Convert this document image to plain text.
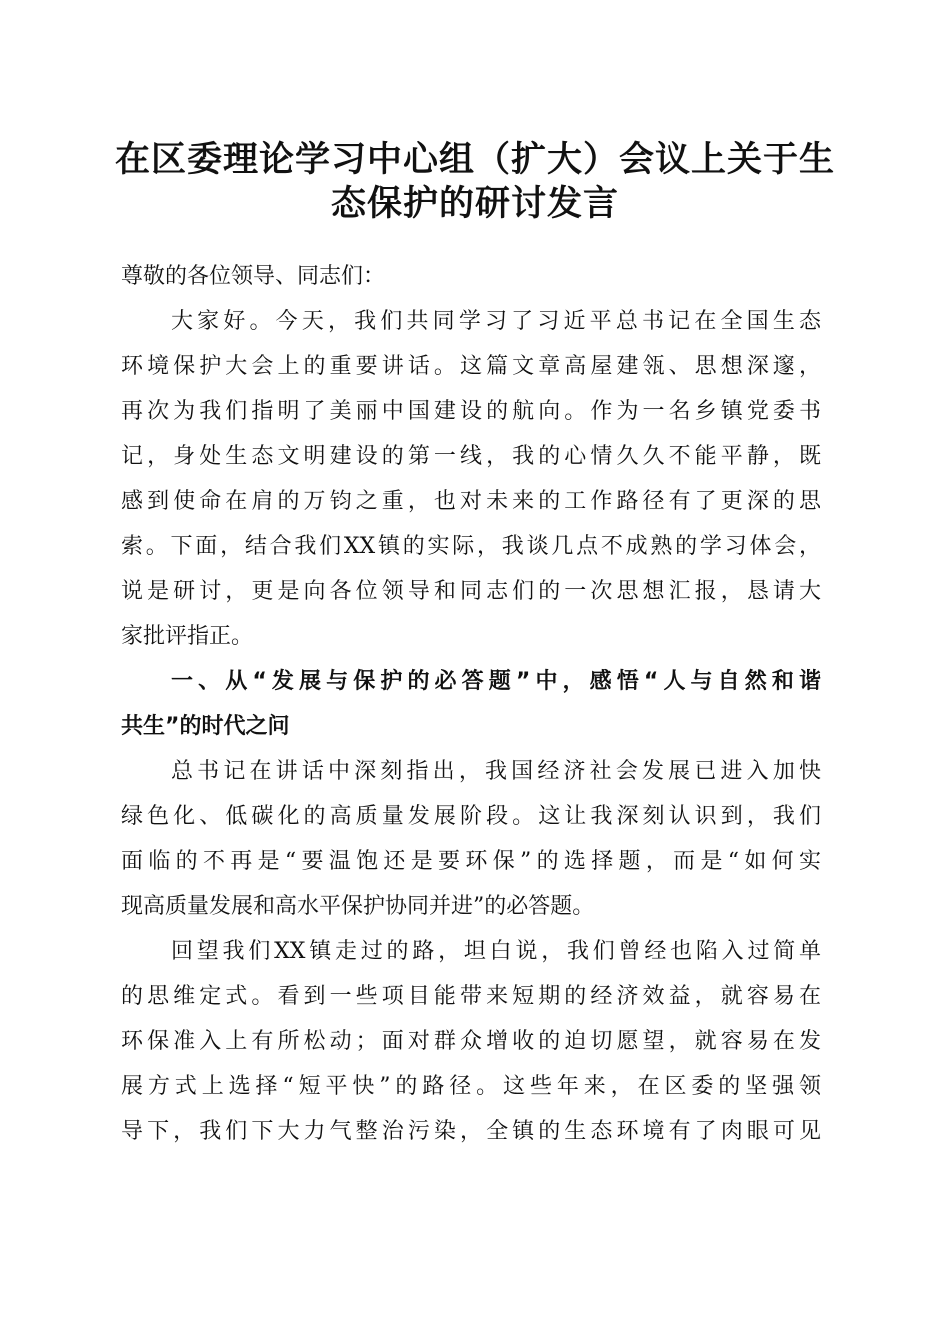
在区委理论学习中心组（扩大）会议上关于生
态保护的研讨发言
尊敬的各位领导、同志们：
大家好。今天，我们共同学习了习近平总书记在全国生态
环境保护大会上的重要讲话。这篇文章高屋建瓴、思想深邃，
再次为我们指明了美丽中国建设的航向。作为一名乡镇党委书
记，身处生态文明建设的第一线，我的心情久久不能平静，既
感到使命在肩的万钧之重，也对未来的工作路径有了更深的思
索。下面，结合我们XX镇的实际，我谈几点不成熟的学习体会，
说是研讨，更是向各位领导和同志们的一次思想汇报，恳请大
家批评指正。
一、从“发展与保护的必答题”中，感悟“人与自然和谐
共生”的时代之问
总书记在讲话中深刻指出，我国经济社会发展已进入加快
绿色化、低碳化的高质量发展阶段。这让我深刻认识到，我们
面临的不再是“要温饱还是要环保”的选择题，而是“如何实
现高质量发展和高水平保护协同并进”的必答题。
回望我们XX镇走过的路，坦白说，我们曾经也陷入过简单
的思维定式。看到一些项目能带来短期的经济效益，就容易在
环保准入上有所松动；面对群众增收的迫切愿望，就容易在发
展方式上选择“短平快”的路径。这些年来，在区委的坚强领
导下，我们下大力气整治污染，全镇的生态环境有了肉眼可见
